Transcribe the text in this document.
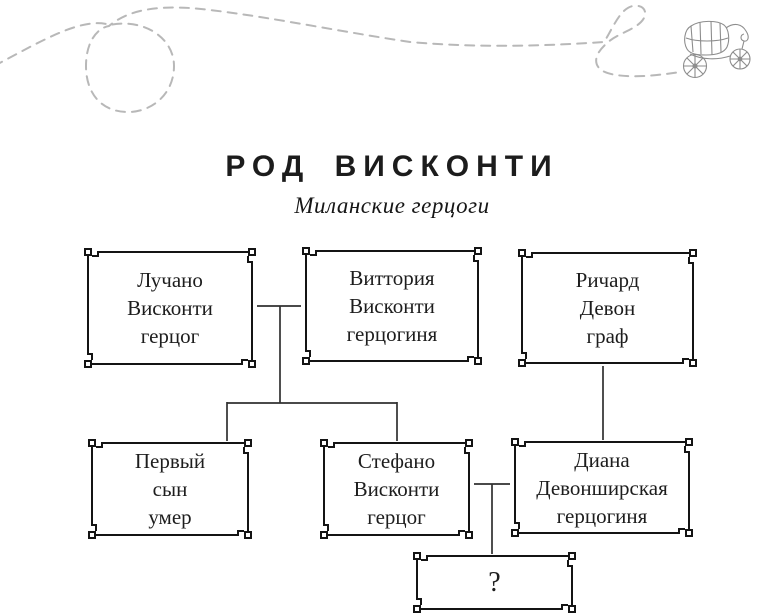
РОД ВИСКОНТИ
Миланские герцоги
Лучано
Висконти
герцог
Виттория
Висконти
герцогиня
Ричард
Девон
граф
Первый
сын
умер
Стефано
Висконти
герцог
Диана
Девонширская
герцогиня
?
